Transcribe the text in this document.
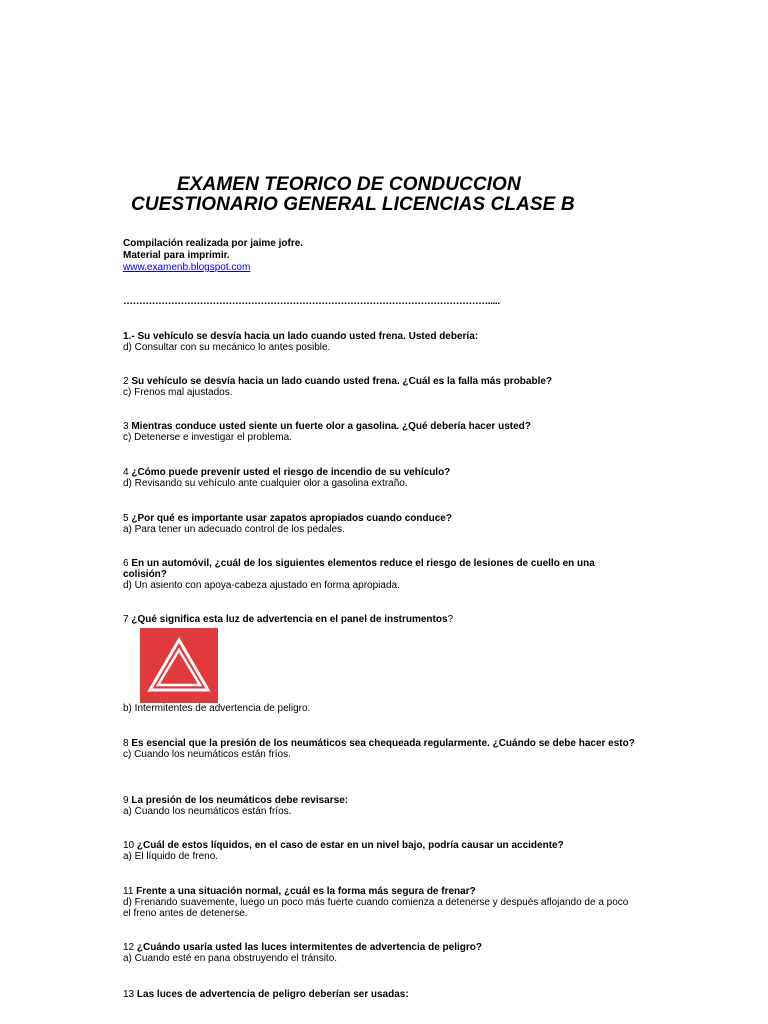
EXAMEN TEORICO DE CONDUCCION
CUESTIONARIO GENERAL LICENCIAS CLASE B
Compilación realizada por jaime jofre.
Material para imprimir.
www.examenb.blogspot.com
…………………………………………………………………………………………………….....
1.- Su vehículo se desvía hacia un lado cuando usted frena. Usted debería:
d) Consultar con su mecánico lo antes posible.
2 Su vehículo se desvía hacia un lado cuando usted frena. ¿Cuál es la falla más probable?
c) Frenos mal ajustados.
3 Mientras conduce usted siente un fuerte olor a gasolina. ¿Qué debería hacer usted?
c) Detenerse e investigar el problema.
4 ¿Cómo puede prevenir usted el riesgo de incendio de su vehículo?
d) Revisando su vehículo ante cualquier olor a gasolina extraño.
5 ¿Por qué es importante usar zapatos apropiados cuando conduce?
a) Para tener un adecuado control de los pedales.
6 En un automóvil, ¿cuál de los siguientes elementos reduce el riesgo de lesiones de cuello en una colisión?
d) Un asiento con apoya-cabeza ajustado en forma apropiada.
7 ¿Qué significa esta luz de advertencia en el panel de instrumentos?
b) Intermitentes de advertencia de peligro.
8 Es esencial que la presión de los neumáticos sea chequeada regularmente. ¿Cuándo se debe hacer esto?
c) Cuando los neumáticos están fríos.
9 La presión de los neumáticos debe revisarse:
a) Cuando los neumáticos están fríos.
10 ¿Cuál de estos líquidos, en el caso de estar en un nivel bajo, podría causar un accidente?
a) El líquido de freno.
11 Frente a una situación normal, ¿cuál es la forma más segura de frenar?
d) Frenando suavemente, luego un poco más fuerte cuando comienza a detenerse y después aflojando de a poco el freno antes de detenerse.
12 ¿Cuándo usaría usted las luces intermitentes de advertencia de peligro?
a) Cuando esté en pana obstruyendo el tránsito.
13 Las luces de advertencia de peligro deberían ser usadas:
